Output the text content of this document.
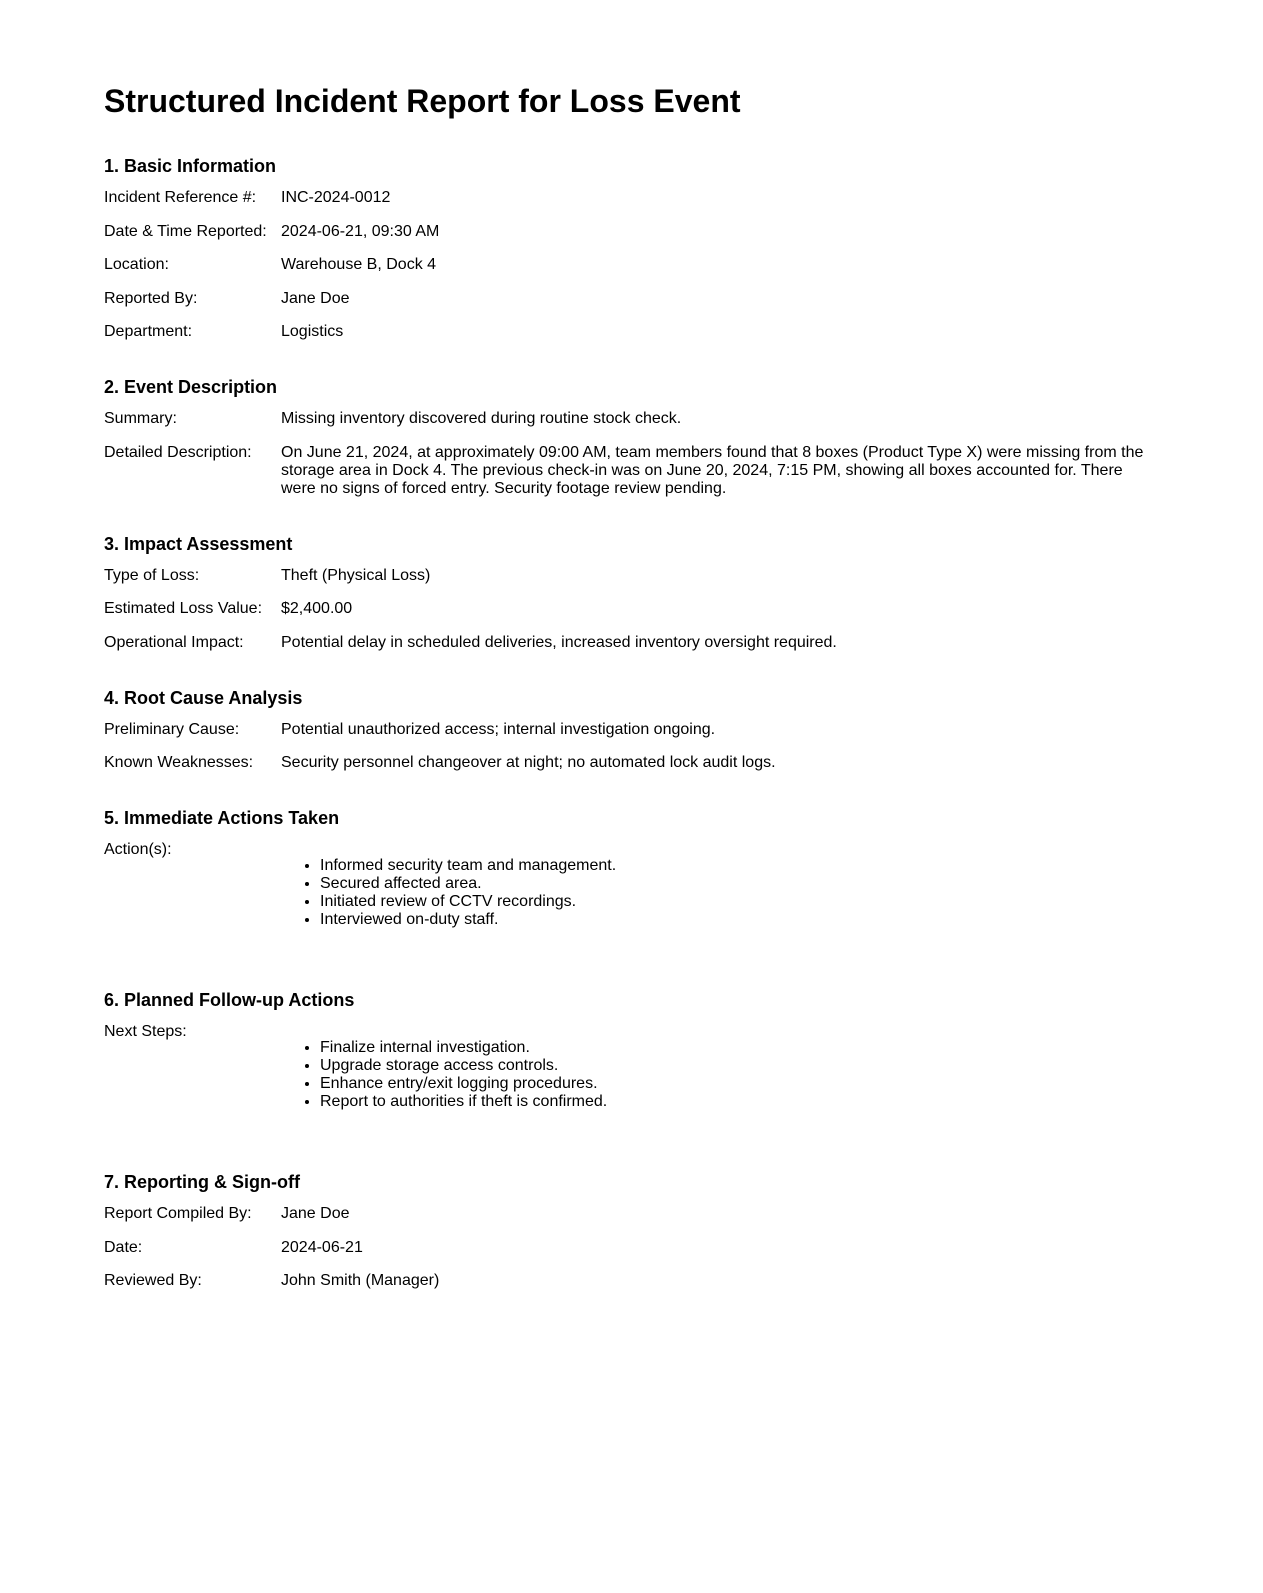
Structured Incident Report for Loss Event
1. Basic Information
Incident Reference #:	INC-2024-0012
Date & Time Reported: 2024-06-21, 09:30 AM
Location:	Warehouse B, Dock 4
Reported By:	Jane Doe
Department:	Logistics
2. Event Description
Summary:	Missing inventory discovered during routine stock check.
Detailed Description:	On June 21, 2024, at approximately 09:00 AM, team members found that 8 boxes (Product Type X) were missing from the storage area in Dock 4. The previous check-in was on June 20, 2024, 7:15 PM, showing all boxes accounted for. There were no signs of forced entry. Security footage review pending.
3. Impact Assessment
Type of Loss:	Theft (Physical Loss)
Estimated Loss Value:	$2,400.00
Operational Impact:	Potential delay in scheduled deliveries, increased inventory oversight required.
4. Root Cause Analysis
Preliminary Cause:	Potential unauthorized access; internal investigation ongoing.
Known Weaknesses:	Security personnel changeover at night; no automated lock audit logs.
5. Immediate Actions Taken
Action(s):
• Informed security team and management.
• Secured affected area.
• Initiated review of CCTV recordings.
• Interviewed on-duty staff.
6. Planned Follow-up Actions
Next Steps:
• Finalize internal investigation.
• Upgrade storage access controls.
• Enhance entry/exit logging procedures.
• Report to authorities if theft is confirmed.
7. Reporting & Sign-off
Report Compiled By:	Jane Doe
Date:	2024-06-21
Reviewed By:	John Smith (Manager)
